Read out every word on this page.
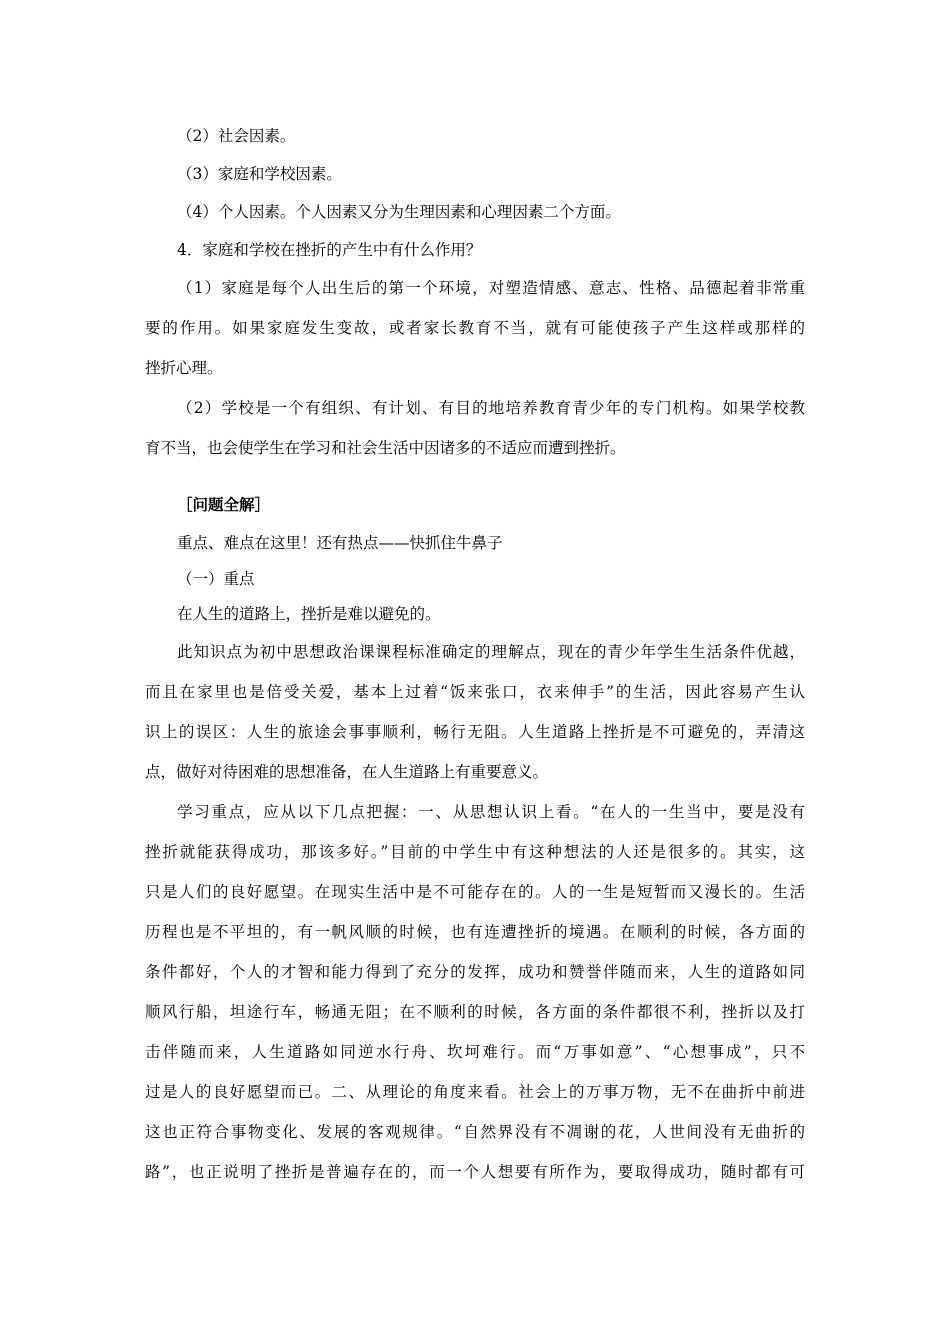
（2）社会因素。
（3）家庭和学校因素。
（4）个人因素。个人因素又分为生理因素和心理因素二个方面。
4．家庭和学校在挫折的产生中有什么作用？
（1）家庭是每个人出生后的第一个环境，对塑造情感、意志、性格、品德起着非常重
要的作用。如果家庭发生变故，或者家长教育不当，就有可能使孩子产生这样或那样的
挫折心理。
（2）学校是一个有组织、有计划、有目的地培养教育青少年的专门机构。如果学校教
育不当，也会使学生在学习和社会生活中因诸多的不适应而遭到挫折。
［问题全解］
重点、难点在这里！还有热点——快抓住牛鼻子
（一）重点
在人生的道路上，挫折是难以避免的。
此知识点为初中思想政治课课程标准确定的理解点，现在的青少年学生生活条件优越，
而且在家里也是倍受关爱，基本上过着“饭来张口，衣来伸手”的生活，因此容易产生认
识上的误区：人生的旅途会事事顺利，畅行无阻。人生道路上挫折是不可避免的，弄清这
点，做好对待困难的思想准备，在人生道路上有重要意义。
学习重点，应从以下几点把握：一、从思想认识上看。“在人的一生当中，要是没有
挫折就能获得成功，那该多好。”目前的中学生中有这种想法的人还是很多的。其实，这
只是人们的良好愿望。在现实生活中是不可能存在的。人的一生是短暂而又漫长的。生活
历程也是不平坦的，有一帆风顺的时候，也有连遭挫折的境遇。在顺利的时候，各方面的
条件都好，个人的才智和能力得到了充分的发挥，成功和赞誉伴随而来，人生的道路如同
顺风行船，坦途行车，畅通无阻；在不顺利的时候，各方面的条件都很不利，挫折以及打
击伴随而来，人生道路如同逆水行舟、坎坷难行。而“万事如意”、“心想事成”，只不
过是人的良好愿望而已。二、从理论的角度来看。社会上的万事万物，无不在曲折中前进
这也正符合事物变化、发展的客观规律。“自然界没有不凋谢的花，人世间没有无曲折的
路”，也正说明了挫折是普遍存在的，而一个人想要有所作为，要取得成功，随时都有可
